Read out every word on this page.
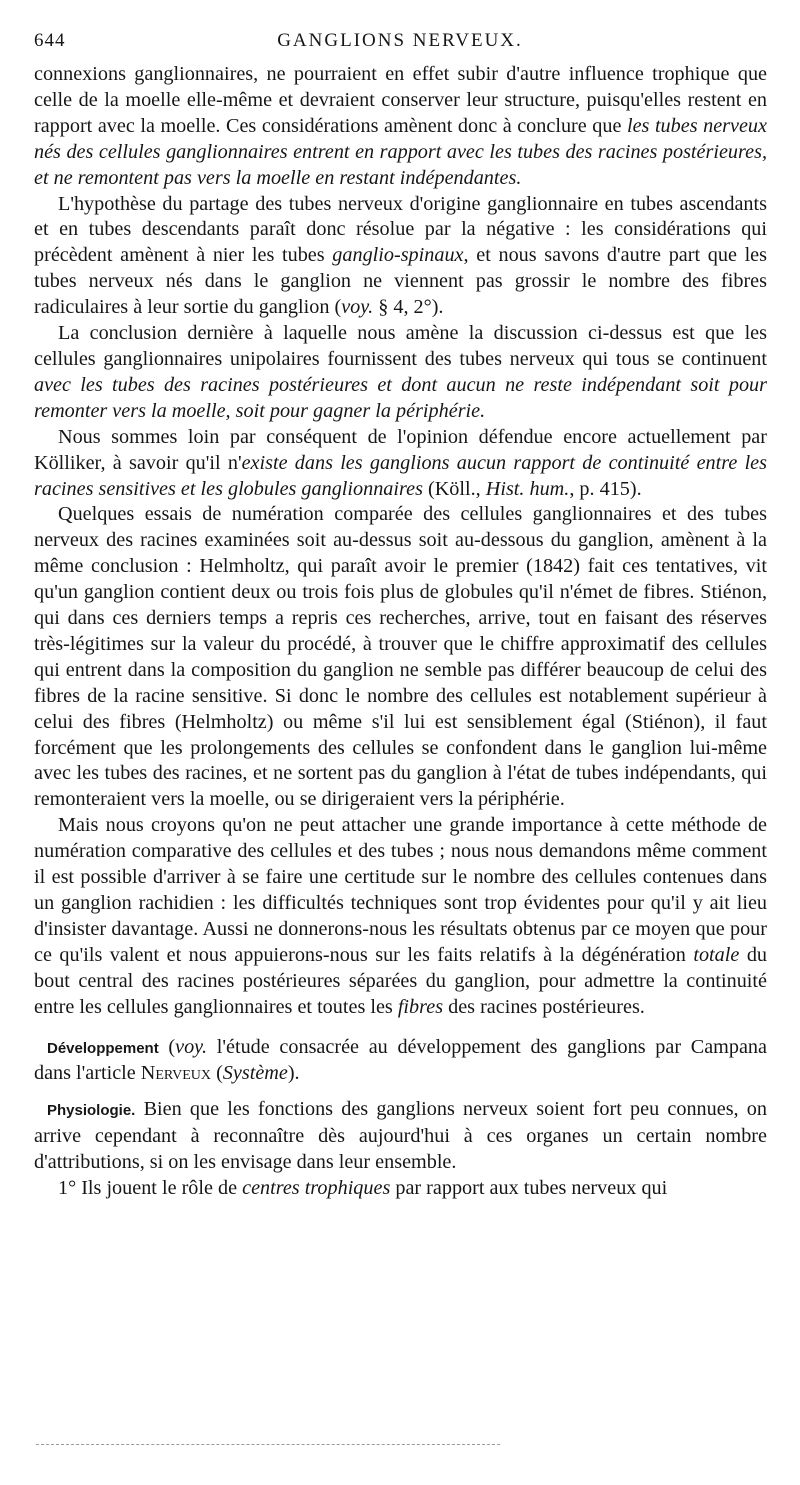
644	GANGLIONS NERVEUX.

connexions ganglionnaires, ne pourraient en effet subir d'autre influence trophique que celle de la moelle elle-même et devraient conserver leur structure, puisqu'elles restent en rapport avec la moelle. Ces considérations amènent donc à conclure que les tubes nerveux nés des cellules ganglionnaires entrent en rapport avec les tubes des racines postérieures, et ne remontent pas vers la moelle en restant indépendantes.

L'hypothèse du partage des tubes nerveux d'origine ganglionnaire en tubes ascendants et en tubes descendants paraît donc résolue par la négative : les considérations qui précèdent amènent à nier les tubes ganglio-spinaux, et nous savons d'autre part que les tubes nerveux nés dans le ganglion ne viennent pas grossir le nombre des fibres radiculaires à leur sortie du ganglion (voy. § 4, 2°).

La conclusion dernière à laquelle nous amène la discussion ci-dessus est que les cellules ganglionnaires unipolaires fournissent des tubes nerveux qui tous se continuent avec les tubes des racines postérieures et dont aucun ne reste indépendant soit pour remonter vers la moelle, soit pour gagner la périphérie.

Nous sommes loin par conséquent de l'opinion défendue encore actuellement par Kölliker, à savoir qu'il n'existe dans les ganglions aucun rapport de continuité entre les racines sensitives et les globules ganglionnaires (Köll., Hist. hum., p. 415).

Quelques essais de numération comparée des cellules ganglionnaires et des tubes nerveux des racines examinées soit au-dessus soit au-dessous du ganglion, amènent à la même conclusion : Helmholtz, qui paraît avoir le premier (1842) fait ces tentatives, vit qu'un ganglion contient deux ou trois fois plus de globules qu'il n'émet de fibres. Stiénon, qui dans ces derniers temps a repris ces recherches, arrive, tout en faisant des réserves très-légitimes sur la valeur du procédé, à trouver que le chiffre approximatif des cellules qui entrent dans la composition du ganglion ne semble pas différer beaucoup de celui des fibres de la racine sensitive. Si donc le nombre des cellules est notablement supérieur à celui des fibres (Helmholtz) ou même s'il lui est sensiblement égal (Stiénon), il faut forcément que les prolongements des cellules se confondent dans le ganglion lui-même avec les tubes des racines, et ne sortent pas du ganglion à l'état de tubes indépendants, qui remonteraient vers la moelle, ou se dirigeraient vers la périphérie.

Mais nous croyons qu'on ne peut attacher une grande importance à cette méthode de numération comparative des cellules et des tubes ; nous nous demandons même comment il est possible d'arriver à se faire une certitude sur le nombre des cellules contenues dans un ganglion rachidien : les difficultés techniques sont trop évidentes pour qu'il y ait lieu d'insister davantage. Aussi ne donnerons-nous les résultats obtenus par ce moyen que pour ce qu'ils valent et nous appuierons-nous sur les faits relatifs à la dégénération totale du bout central des racines postérieures séparées du ganglion, pour admettre la continuité entre les cellules ganglionnaires et toutes les fibres des racines postérieures.

Développement (voy. l'étude consacrée au développement des ganglions par Campana dans l'article Nerveux (Système).

Physiologie. Bien que les fonctions des ganglions nerveux soient fort peu connues, on arrive cependant à reconnaître dès aujourd'hui à ces organes un certain nombre d'attributions, si on les envisage dans leur ensemble.

1° Ils jouent le rôle de centres trophiques par rapport aux tubes nerveux qui
